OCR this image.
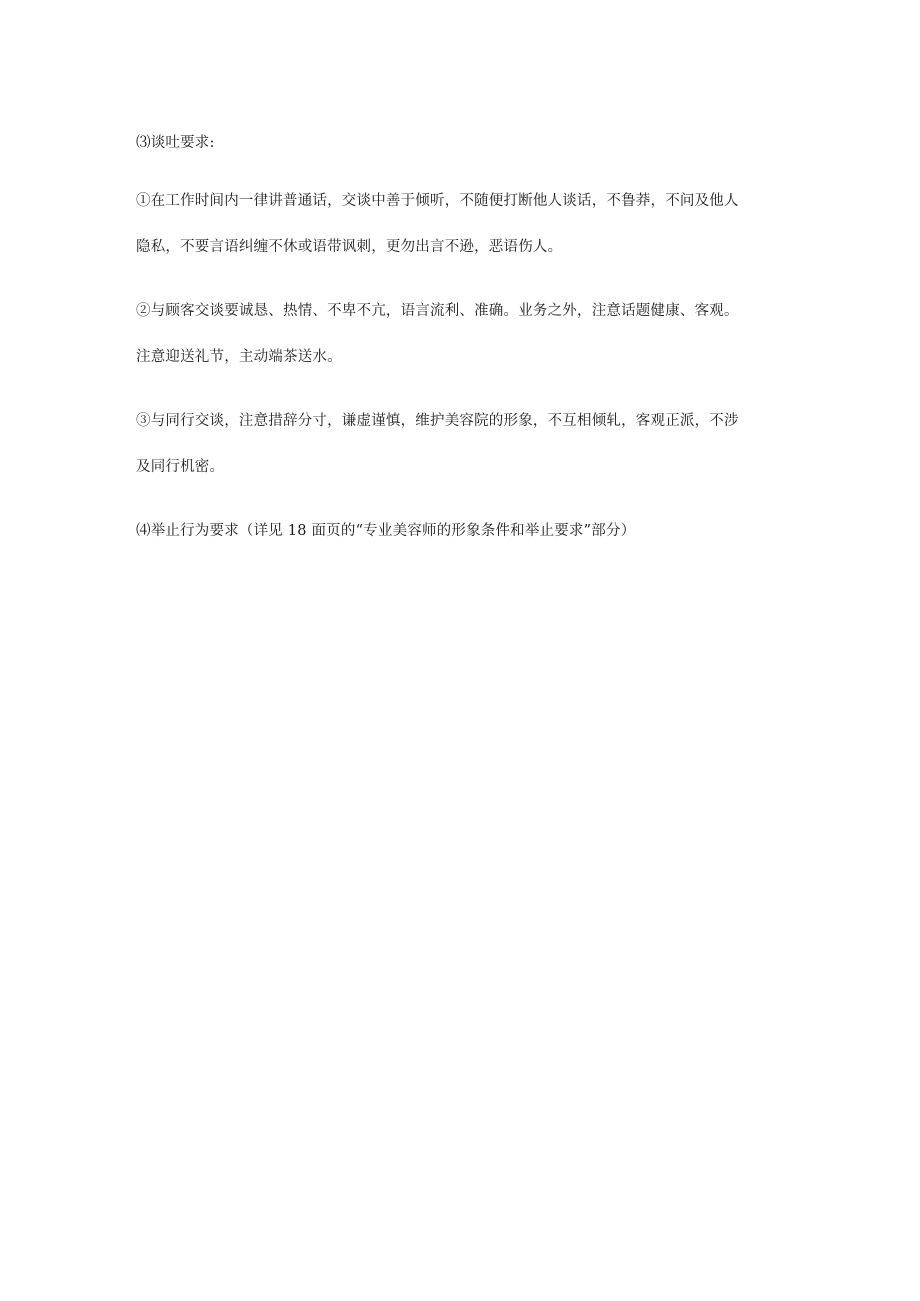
⑶谈吐要求:

①在工作时间内一律讲普通话，交谈中善于倾听，不随便打断他人谈话，不鲁莽，不问及他人

隐私，不要言语纠缠不休或语带讽刺，更勿出言不逊，恶语伤人。

②与顾客交谈要诚恳、热情、不卑不亢，语言流利、准确。业务之外，注意话题健康、客观。

注意迎送礼节，主动端茶送水。

③与同行交谈，注意措辞分寸，谦虚谨慎，维护美容院的形象，不互相倾轧，客观正派，不涉

及同行机密。

⑷举止行为要求（详见 18 面页的“专业美容师的形象条件和举止要求”部分）
